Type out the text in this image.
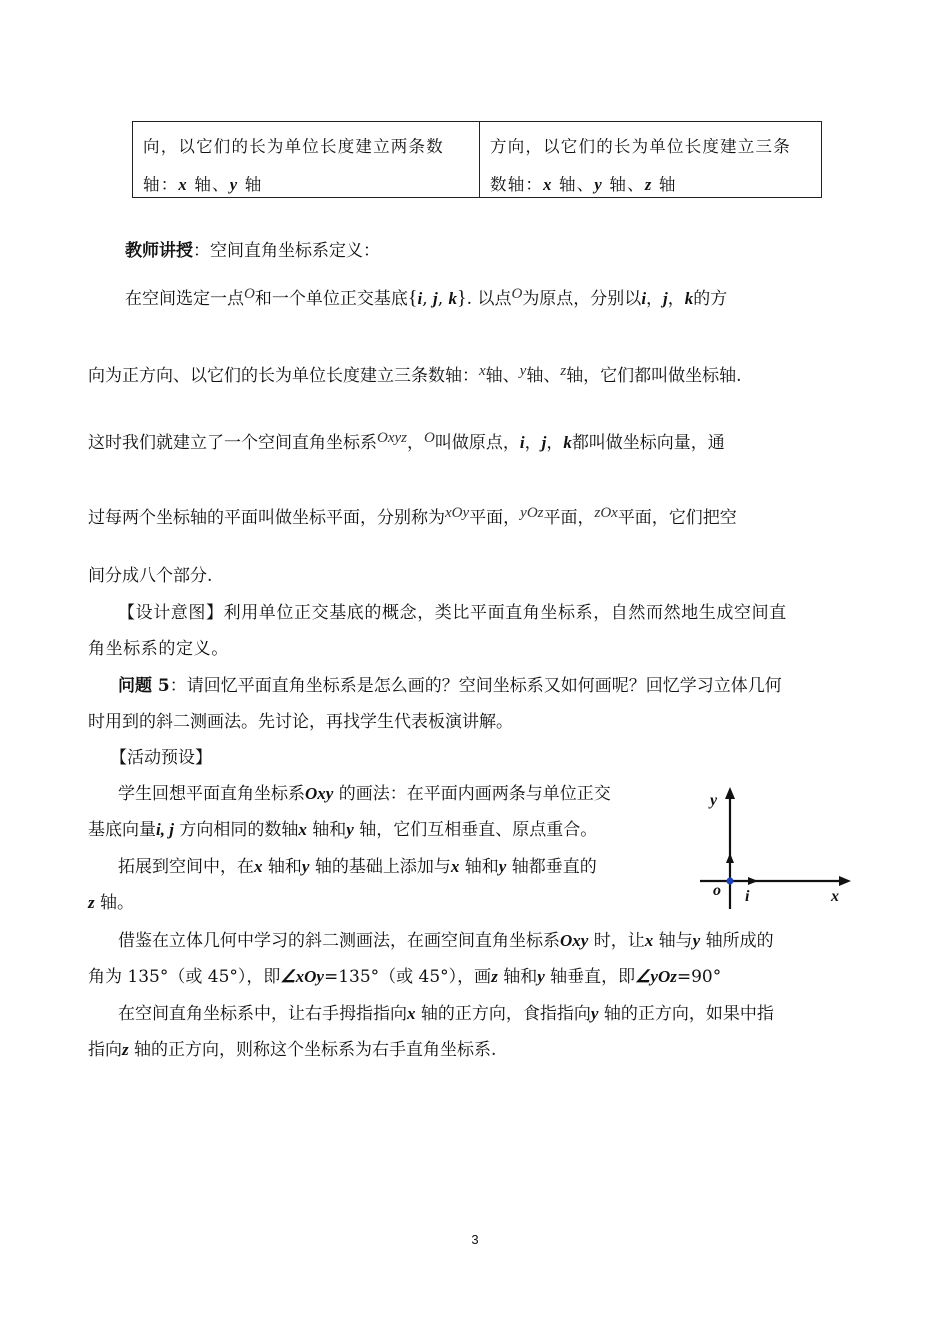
向，以它们的长为单位长度建立两条数
轴：x 轴、y 轴
方向，以它们的长为单位长度建立三条
数轴：x 轴、y 轴、z 轴
教师讲授：空间直角坐标系定义：
在空间选定一点O和一个单位正交基底{i, j, k}. 以点O为原点，分别以i，j，k的方
向为正方向、以它们的长为单位长度建立三条数轴：x轴、y轴、z轴，它们都叫做坐标轴.
这时我们就建立了一个空间直角坐标系Oxyz，O叫做原点，i，j，k都叫做坐标向量，通
过每两个坐标轴的平面叫做坐标平面，分别称为xOy平面，yOz平面，zOx平面，它们把空
间分成八个部分.
【设计意图】利用单位正交基底的概念，类比平面直角坐标系，自然而然地生成空间直
角坐标系的定义。
问题 5：请回忆平面直角坐标系是怎么画的？空间坐标系又如何画呢？回忆学习立体几何
时用到的斜二测画法。先讨论，再找学生代表板演讲解。
【活动预设】
学生回想平面直角坐标系Oxy 的画法：在平面内画两条与单位正交
基底向量i, j 方向相同的数轴x 轴和y 轴，它们互相垂直、原点重合。
拓展到空间中，在x 轴和y 轴的基础上添加与x 轴和y 轴都垂直的
z 轴。
借鉴在立体几何中学习的斜二测画法，在画空间直角坐标系Oxy 时，让x 轴与y 轴所成的
角为 135°（或 45°），即∠xOy=135°（或 45°），画z 轴和y 轴垂直，即∠yOz=90°
在空间直角坐标系中，让右手拇指指向x 轴的正方向，食指指向y 轴的正方向，如果中指
指向z 轴的正方向，则称这个坐标系为右手直角坐标系.
y
o i	x
3
